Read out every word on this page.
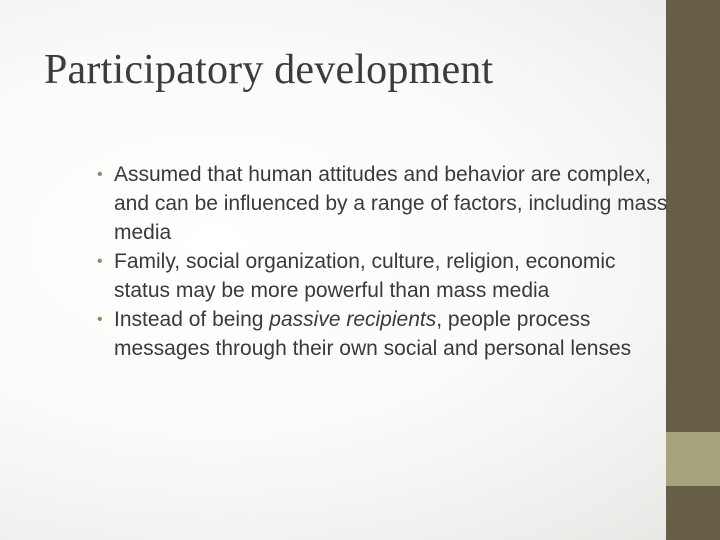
Participatory development
• Assumed that human attitudes and behavior are complex, and can be influenced by a range of factors, including mass media
• Family, social organization, culture, religion, economic status may be more powerful than mass media
• Instead of being passive recipients, people process messages through their own social and personal lenses
